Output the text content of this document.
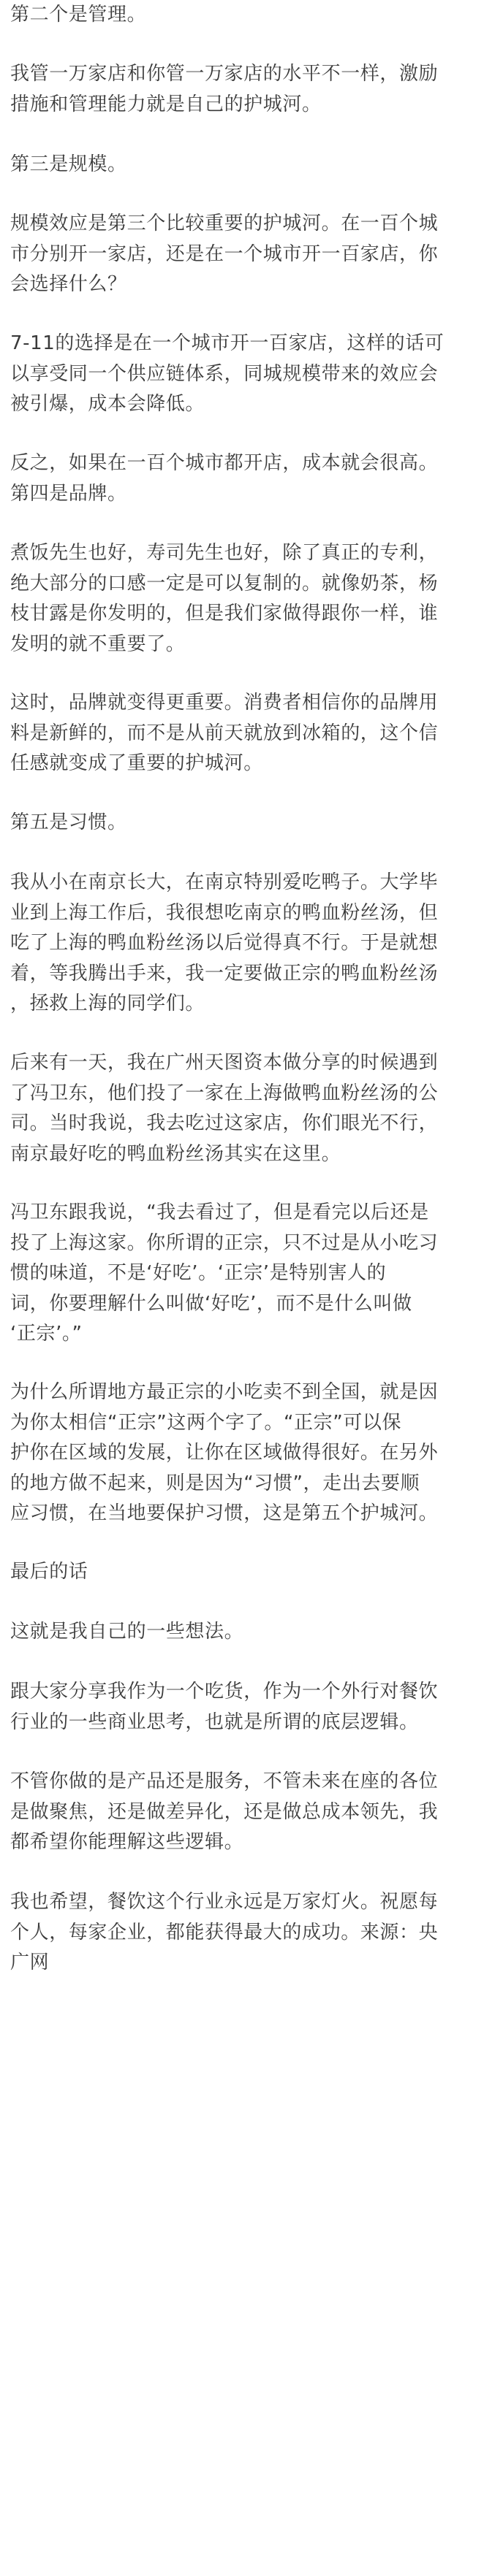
第二个是管理。

我管一万家店和你管一万家店的水平不一样，激励
措施和管理能力就是自己的护城河。

第三是规模。

规模效应是第三个比较重要的护城河。在一百个城
市分别开一家店，还是在一个城市开一百家店，你
会选择什么？

7-11的选择是在一个城市开一百家店，这样的话可
以享受同一个供应链体系，同城规模带来的效应会
被引爆，成本会降低。

反之，如果在一百个城市都开店，成本就会很高。
第四是品牌。

煮饭先生也好，寿司先生也好，除了真正的专利，
绝大部分的口感一定是可以复制的。就像奶茶，杨
枝甘露是你发明的，但是我们家做得跟你一样，谁
发明的就不重要了。

这时，品牌就变得更重要。消费者相信你的品牌用
料是新鲜的，而不是从前天就放到冰箱的，这个信
任感就变成了重要的护城河。

第五是习惯。

我从小在南京长大，在南京特别爱吃鸭子。大学毕
业到上海工作后，我很想吃南京的鸭血粉丝汤，但
吃了上海的鸭血粉丝汤以后觉得真不行。于是就想
着，等我腾出手来，我一定要做正宗的鸭血粉丝汤
，拯救上海的同学们。

后来有一天，我在广州天图资本做分享的时候遇到
了冯卫东，他们投了一家在上海做鸭血粉丝汤的公
司。当时我说，我去吃过这家店，你们眼光不行，
南京最好吃的鸭血粉丝汤其实在这里。

冯卫东跟我说，“我去看过了，但是看完以后还是
投了上海这家。你所谓的正宗，只不过是从小吃习
惯的味道，不是‘好吃’。‘正宗’是特别害人的
词，你要理解什么叫做‘好吃’，而不是什么叫做
‘正宗’。”

为什么所谓地方最正宗的小吃卖不到全国，就是因
为你太相信“正宗”这两个字了。“正宗”可以保
护你在区域的发展，让你在区域做得很好。在另外
的地方做不起来，则是因为“习惯”，走出去要顺
应习惯，在当地要保护习惯，这是第五个护城河。

最后的话

这就是我自己的一些想法。

跟大家分享我作为一个吃货，作为一个外行对餐饮
行业的一些商业思考，也就是所谓的底层逻辑。

不管你做的是产品还是服务，不管未来在座的各位
是做聚焦，还是做差异化，还是做总成本领先，我
都希望你能理解这些逻辑。

我也希望，餐饮这个行业永远是万家灯火。祝愿每
个人，每家企业，都能获得最大的成功。来源：央
广网
